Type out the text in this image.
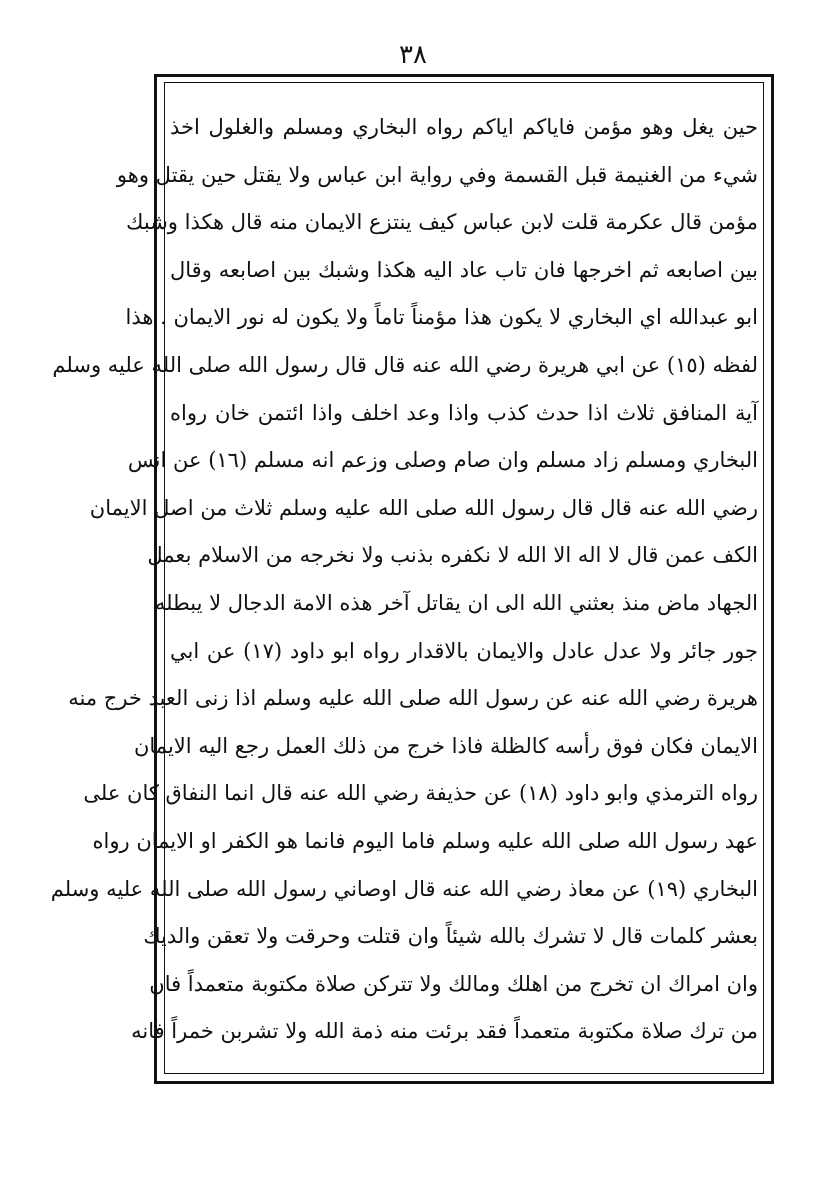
٣٨
حين يغل وهو مؤمن فاياكم اياكم رواه البخاري ومسلم والغلول اخذ
شيء من الغنيمة قبل القسمة وفي رواية ابن عباس ولا يقتل حين يقتل وهو
مؤمن قال عكرمة قلت لابن عباس كيف ينتزع الايمان منه قال هكذا وشبك
بين اصابعه ثم اخرجها فان تاب عاد اليه هكذا وشبك بين اصابعه وقال
ابو عبدالله اي البخاري لا يكون هذا مؤمناً تاماً ولا يكون له نور الايمان . هذا
لفظه (١٥) عن ابي هريرة رضي الله عنه قال قال رسول الله صلى الله عليه وسلم
آية المنافق ثلاث اذا حدث كذب واذا وعد اخلف واذا ائتمن خان رواه
البخاري ومسلم زاد مسلم وان صام وصلى وزعم انه مسلم (١٦) عن انس
رضي الله عنه قال قال رسول الله صلى الله عليه وسلم ثلاث من اصل الايمان
الكف عمن قال لا اله الا الله لا نكفره بذنب ولا نخرجه من الاسلام بعمل
الجهاد ماض منذ بعثني الله الى ان يقاتل آخر هذه الامة الدجال لا يبطله
جور جائر ولا عدل عادل والايمان بالاقدار رواه ابو داود (١٧) عن ابي
هريرة رضي الله عنه عن رسول الله صلى الله عليه وسلم اذا زنى العبد خرج منه
الايمان فكان فوق رأسه كالظلة فاذا خرج من ذلك العمل رجع اليه الايمان
رواه الترمذي وابو داود (١٨) عن حذيفة رضي الله عنه قال انما النفاق كان على
عهد رسول الله صلى الله عليه وسلم فاما اليوم فانما هو الكفر او الايمان رواه
البخاري (١٩) عن معاذ رضي الله عنه قال اوصاني رسول الله صلى الله عليه وسلم
بعشر كلمات قال لا تشرك بالله شيئاً وان قتلت وحرقت ولا تعقن والديك
وان امراك ان تخرج من اهلك ومالك ولا تتركن صلاة مكتوبة متعمداً فان
من ترك صلاة مكتوبة متعمداً فقد برئت منه ذمة الله ولا تشربن خمراً فانه
